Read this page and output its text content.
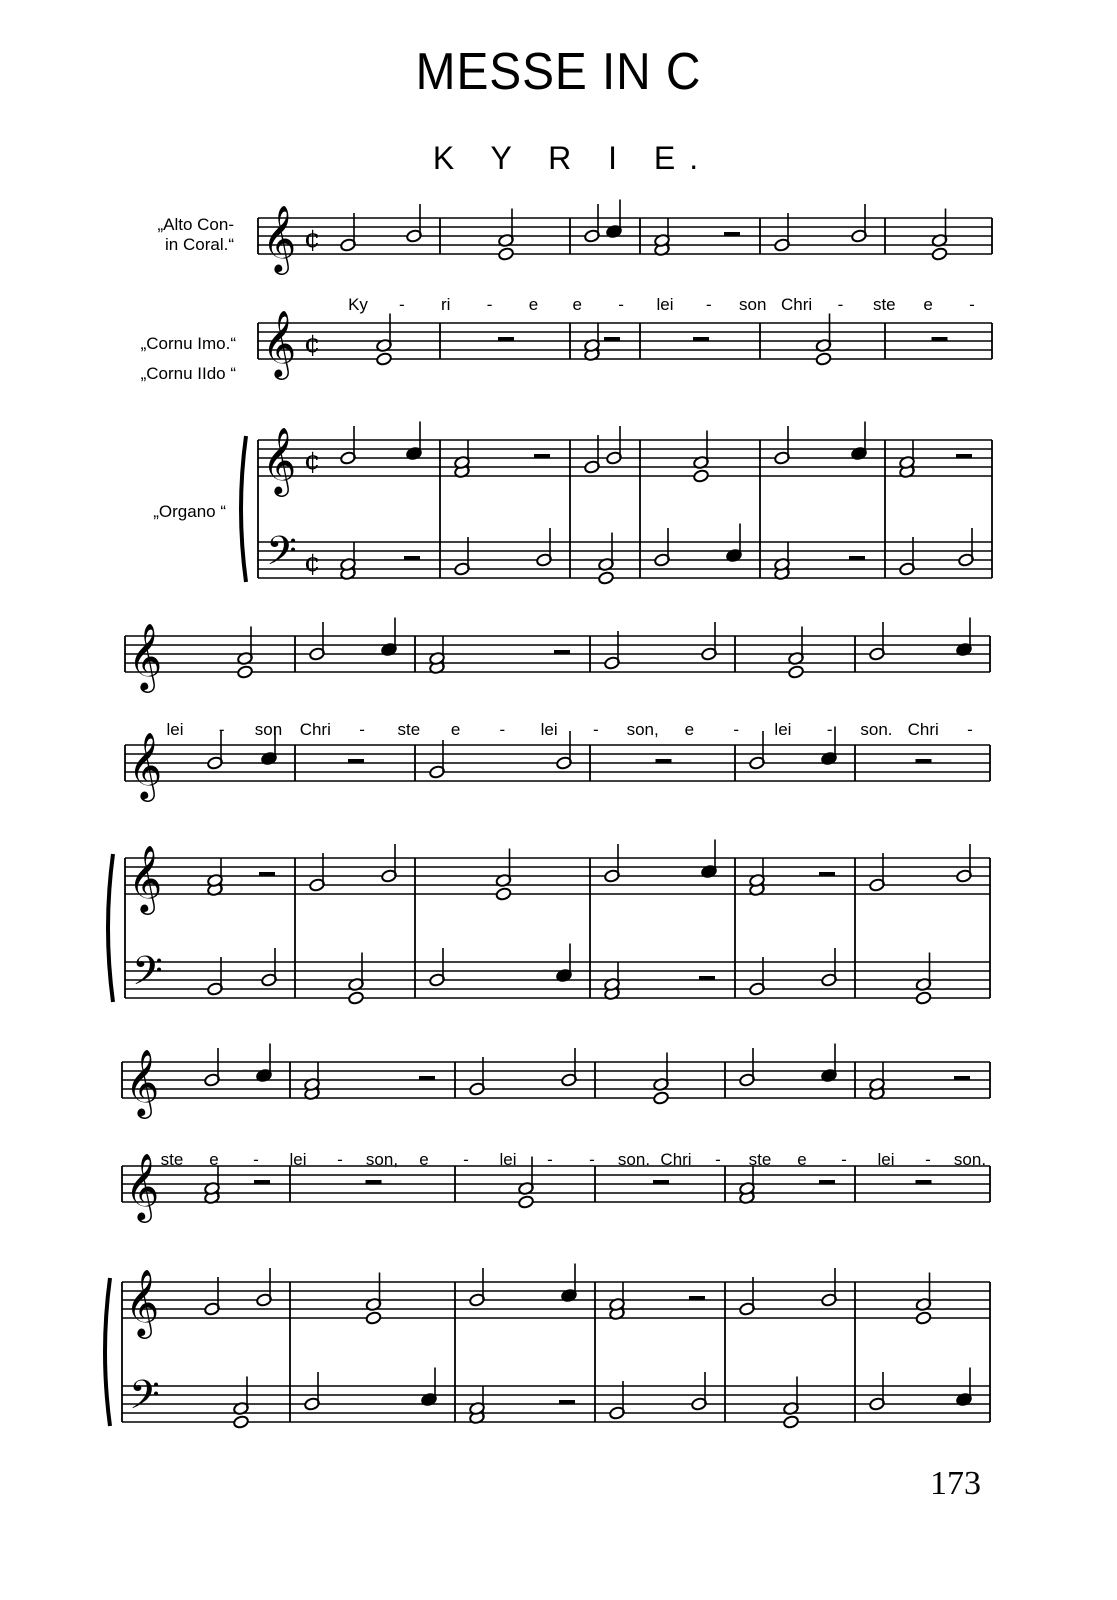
MESSE IN C
K Y R I E.
„Alto Con-
in Coral.“
„Cornu Imo.“
„Cornu IIdo “
„Organo “
𝄞
𝄞
𝄞
𝄢
¢
¢
¢
¢
𝄞
𝄞
𝄞
𝄢
𝄞
𝄞
𝄞
𝄢
Ky - ri - e e - lei - son Chri - ste e -
lei - son Chri - ste e - lei - son, e - lei - son. Chri -
ste e - lei - son, e - lei - - son. Chri - ste e - lei - son.
173
